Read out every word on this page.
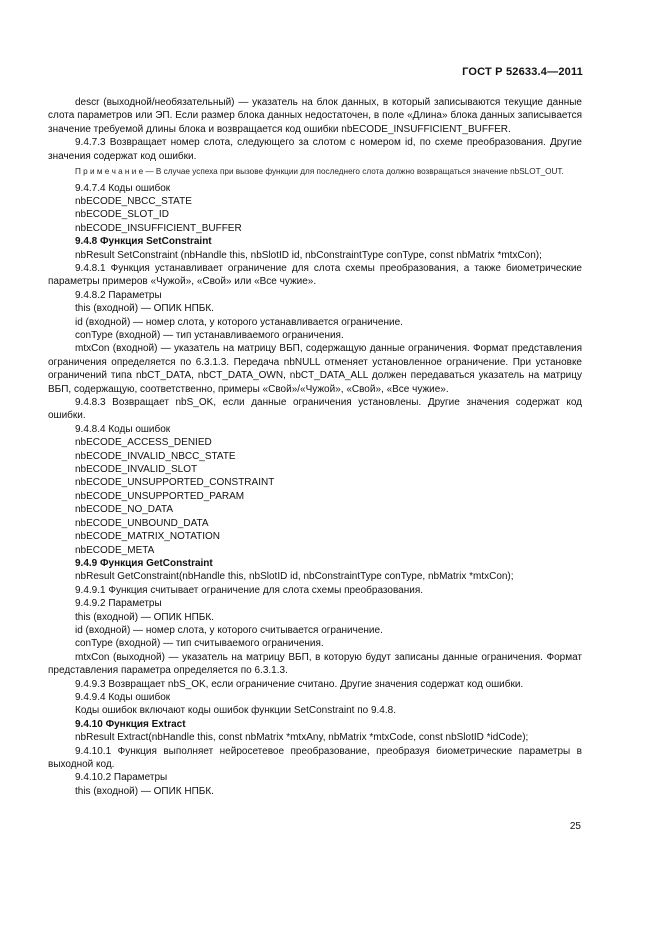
ГОСТ Р 52633.4—2011

descr (выходной/необязательный) — указатель на блок данных, в который записываются текущие данные слота параметров или ЭП. Если размер блока данных недостаточен, в поле «Длина» блока данных записывается значение требуемой длины блока и возвращается код ошибки nbECODE_INSUFFICIENT_BUFFER.

9.4.7.3 Возвращает номер слота, следующего за слотом с номером id, по схеме преобразования. Другие значения содержат код ошибки.

П р и м е ч а н и е — В случае успеха при вызове функции для последнего слота должно возвращаться значение nbSLOT_OUT.

9.4.7.4 Коды ошибок

nbECODE_NBCC_STATE

nbECODE_SLOT_ID

nbECODE_INSUFFICIENT_BUFFER

9.4.8 Функция SetConstraint

nbResult SetConstraint (nbHandle this, nbSlotID id, nbConstraintType conType, const nbMatrix *mtxCon);

9.4.8.1 Функция устанавливает ограничение для слота схемы преобразования, а также биометрические параметры примеров «Чужой», «Свой» или «Все чужие».

9.4.8.2 Параметры

this (входной) — ОПИК НПБК.

id (входной) — номер слота, у которого устанавливается ограничение.

conType (входной) — тип устанавливаемого ограничения.

mtxCon (входной) — указатель на матрицу ВБП, содержащую данные ограничения. Формат представления ограничения определяется по 6.3.1.3. Передача nbNULL отменяет установленное ограничение. При установке ограничений типа nbCT_DATA, nbCT_DATA_OWN, nbCT_DATA_ALL должен передаваться указатель на матрицу ВБП, содержащую, соответственно, примеры «Свой»/«Чужой», «Свой», «Все чужие».

9.4.8.3 Возвращает nbS_OK, если данные ограничения установлены. Другие значения содержат код ошибки.

9.4.8.4 Коды ошибок

nbECODE_ACCESS_DENIED

nbECODE_INVALID_NBCC_STATE

nbECODE_INVALID_SLOT

nbECODE_UNSUPPORTED_CONSTRAINT

nbECODE_UNSUPPORTED_PARAM

nbECODE_NO_DATA

nbECODE_UNBOUND_DATA

nbECODE_MATRIX_NOTATION

nbECODE_META

9.4.9 Функция GetConstraint

nbResult GetConstraint(nbHandle this, nbSlotID id, nbConstraintType conType, nbMatrix *mtxCon);

9.4.9.1 Функция считывает ограничение для слота схемы преобразования.

9.4.9.2 Параметры

this (входной) — ОПИК НПБК.

id (входной) — номер слота, у которого считывается ограничение.

conType (входной) — тип считываемого ограничения.

mtxCon (выходной) — указатель на матрицу ВБП, в которую будут записаны данные ограничения. Формат представления параметра определяется по 6.3.1.3.

9.4.9.3 Возвращает nbS_OK, если ограничение считано. Другие значения содержат код ошибки.

9.4.9.4 Коды ошибок

Коды ошибок включают коды ошибок функции SetConstraint по 9.4.8.

9.4.10 Функция Extract

nbResult Extract(nbHandle this, const nbMatrix *mtxAny, nbMatrix *mtxCode, const nbSlotID *idCode);

9.4.10.1 Функция выполняет нейросетевое преобразование, преобразуя биометрические параметры в выходной код.

9.4.10.2 Параметры

this (входной) — ОПИК НПБК.

25
